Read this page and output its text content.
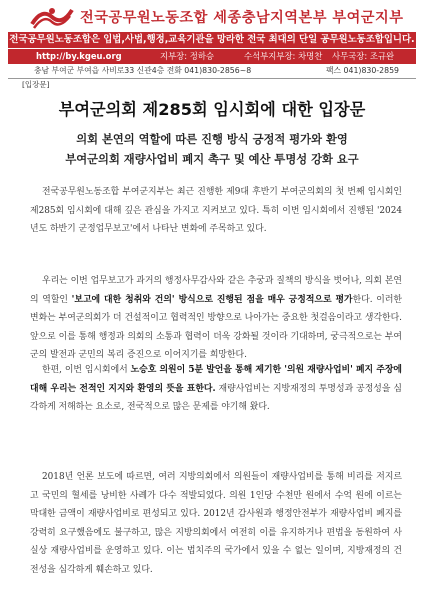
전국공무원노동조합 세종충남지역본부 부여군지부
전국공무원노동조합은 입법,사법,행정,교육기관을 망라한 전국 최대의 단일 공무원노동조합입니다.
http://by.kgeu.org	지부장: 정하승	수석부지부장: 차명찬 사무국장: 조규완
충남 부여군 부여읍 사비로33 신관4층 전화 041)830-2856~8	팩스 041)830-2859
[입장문]
부여군의회 제285회 임시회에 대한 입장문
의회 본연의 역할에 따른 진행 방식 긍정적 평가와 환영
부여군의회 재량사업비 폐지 촉구 및 예산 투명성 강화 요구

전국공무원노동조합 부여군지부는 최근 진행한 제9대 후반기 부여군의회의 첫 번째 임시회인 제285회 임시회에 대해 깊은 관심을 가지고 지켜보고 있다. 특히 이번 임시회에서 진행된 '2024년도 하반기 군정업무보고'에서 나타난 변화에 주목하고 있다.

우리는 이번 업무보고가 과거의 행정사무감사와 같은 추궁과 질책의 방식을 벗어나, 의회 본연의 역할인 '보고에 대한 청취와 건의' 방식으로 진행된 점을 매우 긍정적으로 평가한다. 이러한 변화는 부여군의회가 더 건설적이고 협력적인 방향으로 나아가는 중요한 첫걸음이라고 생각한다. 앞으로 이를 통해 행정과 의회의 소통과 협력이 더욱 강화될 것이라 기대하며, 궁극적으로는 부여군의 발전과 군민의 복리 증진으로 이어지기를 희망한다.

한편, 이번 임시회에서 노승호 의원이 5분 발언을 통해 제기한 '의원 재량사업비' 폐지 주장에 대해 우리는 전적인 지지와 환영의 뜻을 표한다. 재량사업비는 지방재정의 투명성과 공정성을 심각하게 저해하는 요소로, 전국적으로 많은 문제를 야기해 왔다.

2018년 언론 보도에 따르면, 여러 지방의회에서 의원들이 재량사업비를 통해 비리를 저지르고 국민의 혈세를 낭비한 사례가 다수 적발되었다. 의원 1인당 수천만 원에서 수억 원에 이르는 막대한 금액이 재량사업비로 편성되고 있다. 2012년 감사원과 행정안전부가 재량사업비 폐지를 강력히 요구했음에도 불구하고, 많은 지방의회에서 여전히 이를 유지하거나 편법을 동원하여 사실상 재량사업비를 운영하고 있다. 이는 법치주의 국가에서 있을 수 없는 일이며, 지방재정의 건전성을 심각하게 훼손하고 있다.
